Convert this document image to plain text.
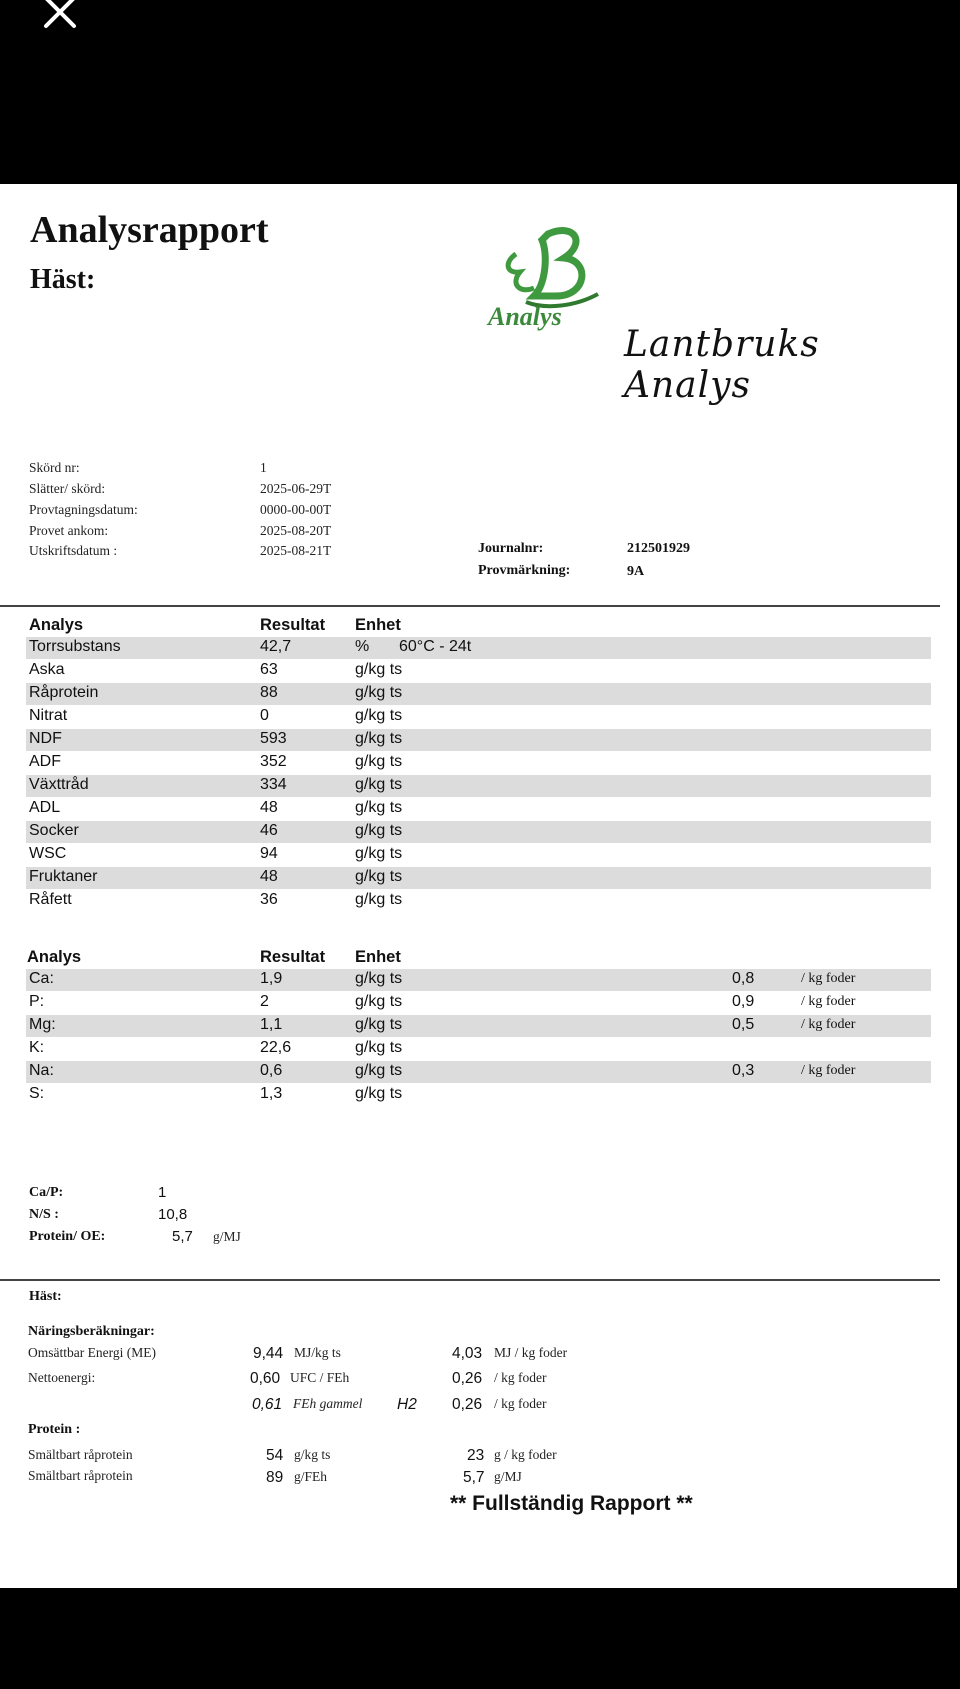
Analysrapport
Häst:
Analys
Lantbruks Analys
Skörd nr:	1
Slätter/ skörd:	2025-06-29T
Provtagningsdatum:	0000-00-00T
Provet ankom:	2025-08-20T
Utskriftsdatum :	2025-08-21T	Journalnr:	212501929
Provmärkning:	9A
Analys	Resultat Enhet
Torrsubstans	42,7	% 60°C - 24t
Aska	63	g/kg ts
Råprotein	88	g/kg ts
Nitrat	0	g/kg ts
NDF	593	g/kg ts
ADF	352	g/kg ts
Växttråd	334	g/kg ts
ADL	48	g/kg ts
Socker	46	g/kg ts
WSC	94	g/kg ts
Fruktaner	48	g/kg ts
Råfett	36	g/kg ts
Analys	Resultat Enhet
Ca:	1,9	g/kg ts	0,8	/ kg foder
P:	2	g/kg ts	0,9	/ kg foder
Mg:	1,1	g/kg ts	0,5	/ kg foder
K:	22,6	g/kg ts
Na:	0,6	g/kg ts	0,3	/ kg foder
S:	1,3	g/kg ts
Ca/P:	1
N/S :	10,8
Protein/ OE:	5,7 g/MJ
Häst:
Näringsberäkningar:
Omsättbar Energi (ME)	9,44 MJ/kg ts	4,03 MJ / kg foder
Nettoenergi:	0,60 UFC / FEh	0,26 / kg foder
0,61 FEh gammel H2 0,26 / kg foder
Protein :
Smältbart råprotein	54 g/kg ts	23 g / kg foder
Smältbart råprotein	89 g/FEh	5,7 g/MJ
** Fullständig Rapport **
